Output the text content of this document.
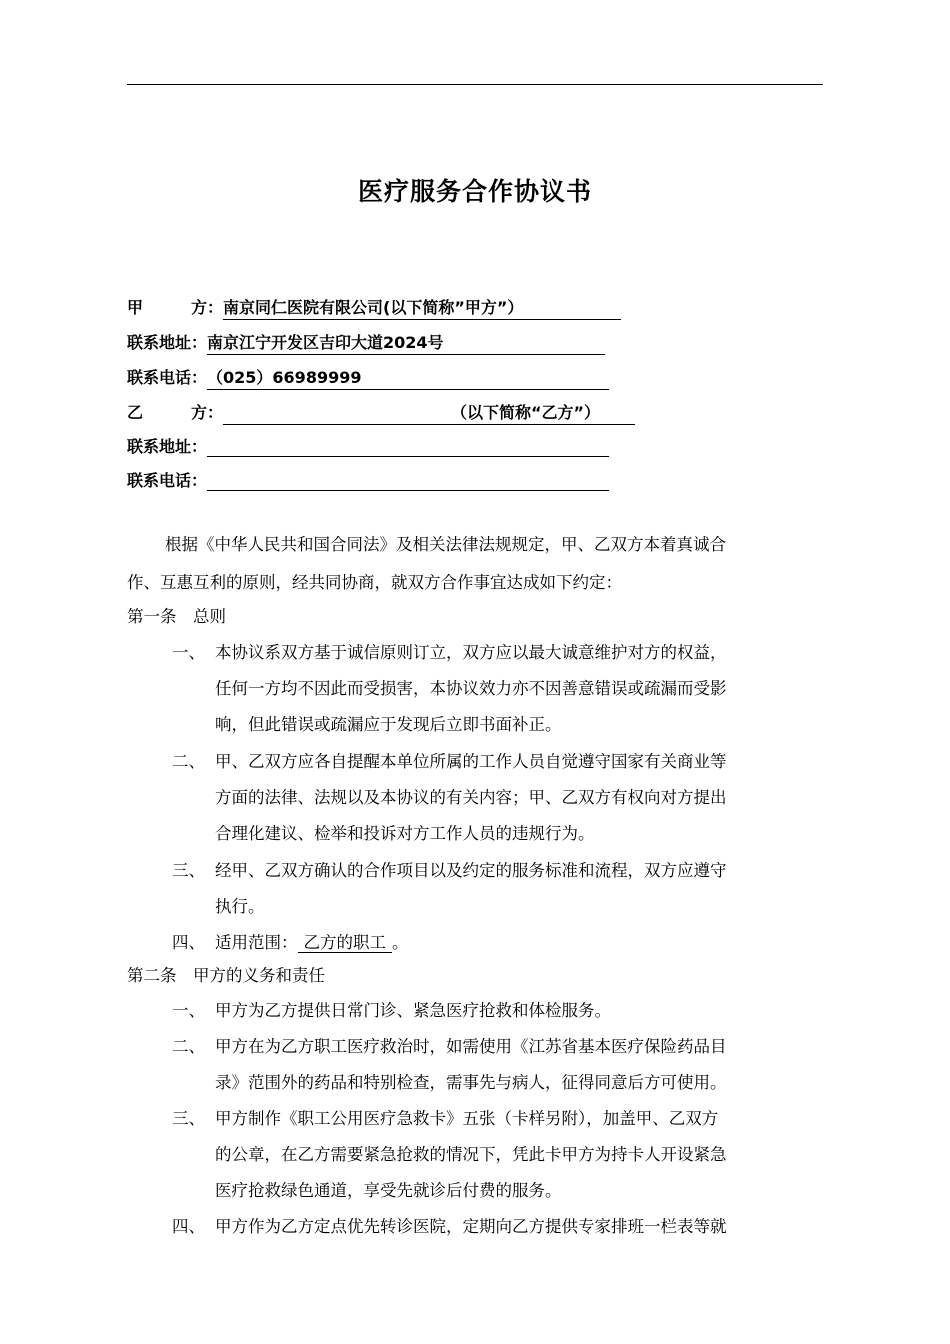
医疗服务合作协议书
甲	方： 南京同仁医院有限公司(以下简称”甲方”）
联系地址：南京江宁开发区吉印大道2024号
联系电话：（025）66989999
乙	方：	（以下简称“乙方”）
联系地址：
联系电话：
根据《中华人民共和国合同法》及相关法律法规规定，甲、乙双方本着真诚合
作、互惠互利的原则，经共同协商，就双方合作事宜达成如下约定：
第一条　总则
一、 本协议系双方基于诚信原则订立，双方应以最大诚意维护对方的权益，
任何一方均不因此而受损害，本协议效力亦不因善意错误或疏漏而受影
响，但此错误或疏漏应于发现后立即书面补正。
二、 甲、乙双方应各自提醒本单位所属的工作人员自觉遵守国家有关商业等
方面的法律、法规以及本协议的有关内容；甲、乙双方有权向对方提出
合理化建议、检举和投诉对方工作人员的违规行为。
三、 经甲、乙双方确认的合作项目以及约定的服务标准和流程，双方应遵守
执行。
四、 适用范围： 乙方的职工 。
第二条　甲方的义务和责任
一、 甲方为乙方提供日常门诊、紧急医疗抢救和体检服务。
二、 甲方在为乙方职工医疗救治时，如需使用《江苏省基本医疗保险药品目
录》范围外的药品和特别检查，需事先与病人，征得同意后方可使用。
三、 甲方制作《职工公用医疗急救卡》五张（卡样另附），加盖甲、乙双方
的公章，在乙方需要紧急抢救的情况下，凭此卡甲方为持卡人开设紧急
医疗抢救绿色通道，享受先就诊后付费的服务。
四、 甲方作为乙方定点优先转诊医院，定期向乙方提供专家排班一栏表等就
